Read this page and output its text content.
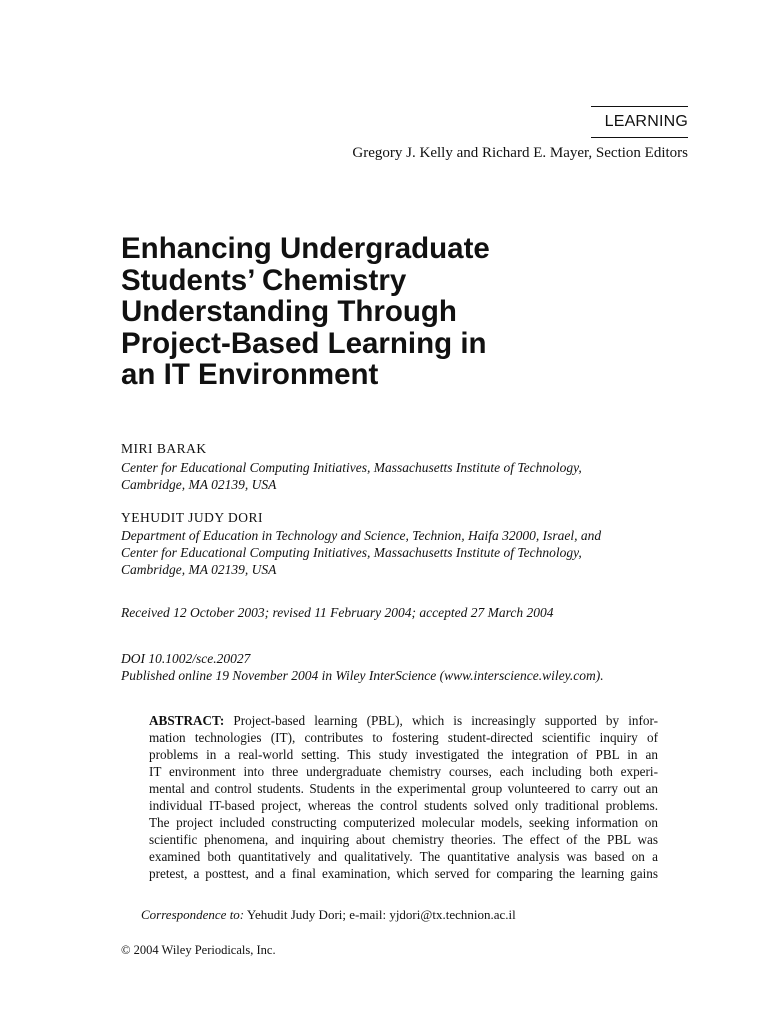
LEARNING
Gregory J. Kelly and Richard E. Mayer, Section Editors
Enhancing Undergraduate
Students’ Chemistry
Understanding Through
Project-Based Learning in
an IT Environment
MIRI BARAK
Center for Educational Computing Initiatives, Massachusetts Institute of Technology,
Cambridge, MA 02139, USA
YEHUDIT JUDY DORI
Department of Education in Technology and Science, Technion, Haifa 32000, Israel, and
Center for Educational Computing Initiatives, Massachusetts Institute of Technology,
Cambridge, MA 02139, USA
Received 12 October 2003; revised 11 February 2004; accepted 27 March 2004
DOI 10.1002/sce.20027
Published online 19 November 2004 in Wiley InterScience (www.interscience.wiley.com).
ABSTRACT: Project-based learning (PBL), which is increasingly supported by infor-
mation technologies (IT), contributes to fostering student-directed scientific inquiry of
problems in a real-world setting. This study investigated the integration of PBL in an
IT environment into three undergraduate chemistry courses, each including both experi-
mental and control students. Students in the experimental group volunteered to carry out an
individual IT-based project, whereas the control students solved only traditional problems.
The project included constructing computerized molecular models, seeking information on
scientific phenomena, and inquiring about chemistry theories. The effect of the PBL was
examined both quantitatively and qualitatively. The quantitative analysis was based on a
pretest, a posttest, and a final examination, which served for comparing the learning gains
Correspondence to: Yehudit Judy Dori; e-mail: yjdori@tx.technion.ac.il
© 2004 Wiley Periodicals, Inc.
